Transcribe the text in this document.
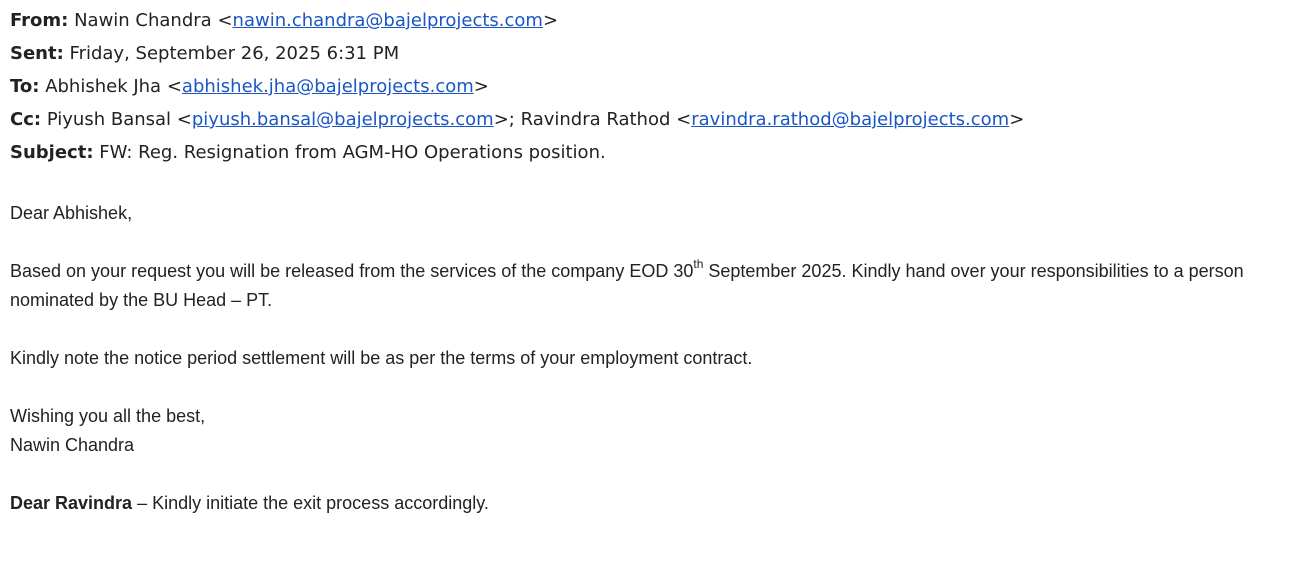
From: Nawin Chandra <nawin.chandra@bajelprojects.com>
Sent: Friday, September 26, 2025 6:31 PM
To: Abhishek Jha <abhishek.jha@bajelprojects.com>
Cc: Piyush Bansal <piyush.bansal@bajelprojects.com>; Ravindra Rathod <ravindra.rathod@bajelprojects.com>
Subject: FW: Reg. Resignation from AGM-HO Operations position.
Dear Abhishek,
Based on your request you will be released from the services of the company EOD 30th September 2025. Kindly hand over your responsibilities to a person nominated by the BU Head – PT.
Kindly note the notice period settlement will be as per the terms of your employment contract.
Wishing you all the best,
Nawin Chandra
Dear Ravindra – Kindly initiate the exit process accordingly.
